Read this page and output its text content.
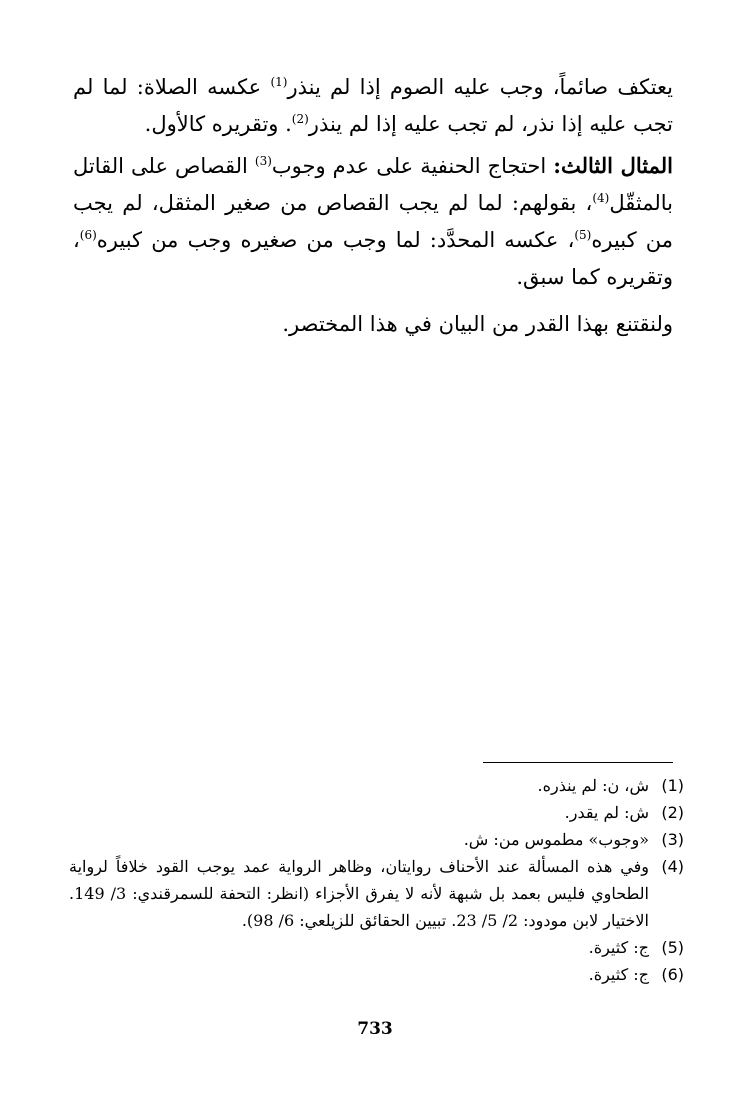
يعتكف صائماً، وجب عليه الصوم إذا لم ينذر$^{(1)}$ عكسه الصلاة: لما لم تجب عليه إذا نذر، لم تجب عليه إذا لم ينذر$^{(2)}$. وتقريره كالأول.

المثال الثالث: احتجاج الحنفية على عدم وجوب$^{(3)}$ القصاص على القاتل بالمثقّل$^{(4)}$، بقولهم: لما لم يجب القصاص من صغير المثقل، لم يجب من كبيره$^{(5)}$، عكسه المحدَّد: لما وجب من صغيره وجب من كبيره$^{(6)}$، وتقريره كما سبق.

ولنقتنع بهذا القدر من البيان في هذا المختصر.

(1)
ش، ن: لم ينذره.
(2)
ش: لم يقدر.
(3)
«وجوب» مطموس من: ش.
(4)
وفي هذه المسألة عند الأحناف روايتان، وظاهر الرواية عمد يوجب القود خلافاً لرواية الطحاوي فليس بعمد بل شبهة لأنه لا يفرق الأجزاء (انظر: التحفة للسمرقندي: 3/ 149. الاختيار لابن مودود: 2/ 5/ 23. تبيين الحقائق للزيلعي: 6/ 98).
(5)
ج: كثيرة.
(6)
ج: كثيرة.
733
